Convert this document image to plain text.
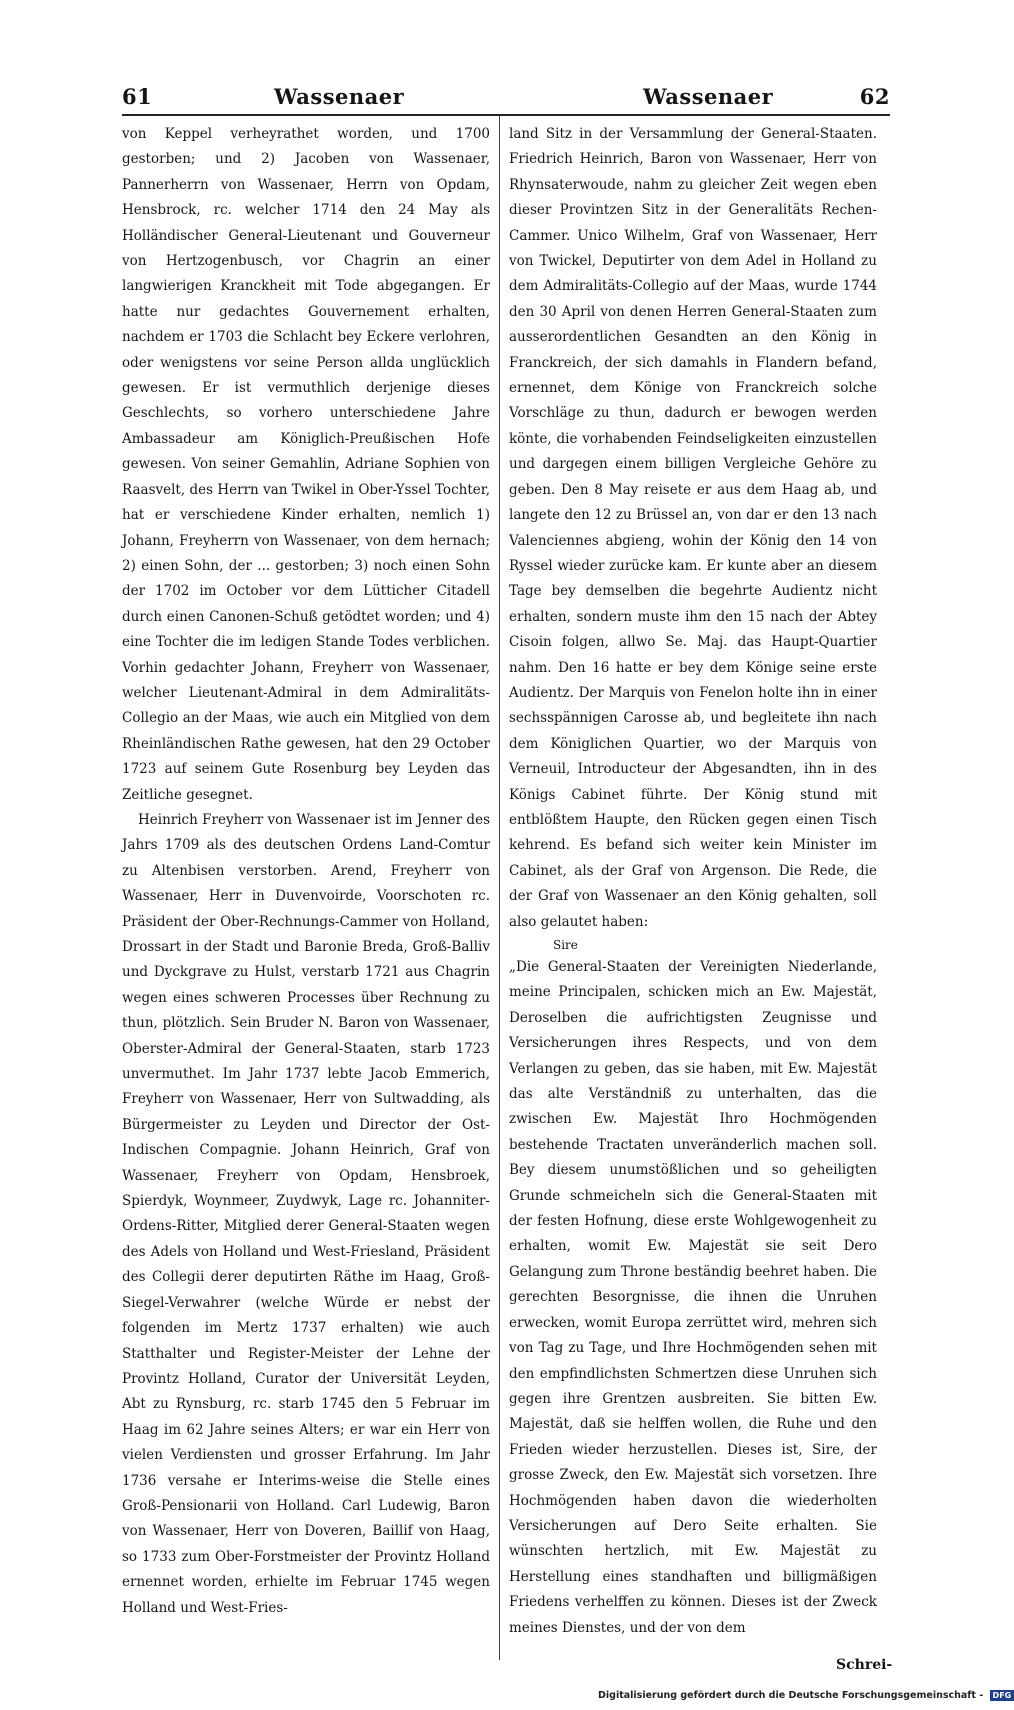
61	Wassenaer	Wassenaer	62

von Keppel verheyrathet worden, und 1700 gestorben; und 2) Jacoben von Wassenaer, Pannerherrn von Wassenaer, Herrn von Opdam, Hensbrock, rc. welcher 1714 den 24 May als Holländischer General-Lieutenant und Gouverneur von Hertzogenbusch, vor Chagrin an einer langwierigen Kranckheit mit Tode abgegangen. Er hatte nur gedachtes Gouvernement erhalten, nachdem er 1703 die Schlacht bey Eckere verlohren, oder wenigstens vor seine Person allda unglücklich gewesen. Er ist vermuthlich derjenige dieses Geschlechts, so vorhero unterschiedene Jahre Ambassadeur am Königlich-Preußischen Hofe gewesen. Von seiner Gemahlin, Adriane Sophien von Raasvelt, des Herrn van Twikel in Ober-Yssel Tochter, hat er verschiedene Kinder erhalten, nemlich 1) Johann, Freyherrn von Wassenaer, von dem hernach; 2) einen Sohn, der ... gestorben; 3) noch einen Sohn der 1702 im October vor dem Lütticher Citadell durch einen Canonen-Schuß getödtet worden; und 4) eine Tochter die im ledigen Stande Todes verblichen. Vorhin gedachter Johann, Freyherr von Wassenaer, welcher Lieutenant-Admiral in dem Admiralitäts-Collegio an der Maas, wie auch ein Mitglied von dem Rheinländischen Rathe gewesen, hat den 29 October 1723 auf seinem Gute Rosenburg bey Leyden das Zeitliche gesegnet.

Heinrich Freyherr von Wassenaer ist im Jenner des Jahrs 1709 als des deutschen Ordens Land-Comtur zu Altenbisen verstorben. Arend, Freyherr von Wassenaer, Herr in Duvenvoirde, Voorschoten rc. Präsident der Ober-Rechnungs-Cammer von Holland, Drossart in der Stadt und Baronie Breda, Groß-Balliv und Dyckgrave zu Hulst, verstarb 1721 aus Chagrin wegen eines schweren Processes über Rechnung zu thun, plötzlich. Sein Bruder N. Baron von Wassenaer, Oberster-Admiral der General-Staaten, starb 1723 unvermuthet. Im Jahr 1737 lebte Jacob Emmerich, Freyherr von Wassenaer, Herr von Sultwadding, als Bürgermeister zu Leyden und Director der Ost-Indischen Compagnie. Johann Heinrich, Graf von Wassenaer, Freyherr von Opdam, Hensbroek, Spierdyk, Woynmeer, Zuydwyk, Lage rc. Johanniter-Ordens-Ritter, Mitglied derer General-Staaten wegen des Adels von Holland und West-Friesland, Präsident des Collegii derer deputirten Räthe im Haag, Groß-Siegel-Verwahrer (welche Würde er nebst der folgenden im Mertz 1737 erhalten) wie auch Statthalter und Register-Meister der Lehne der Provintz Holland, Curator der Universität Leyden, Abt zu Rynsburg, rc. starb 1745 den 5 Februar im Haag im 62 Jahre seines Alters; er war ein Herr von vielen Verdiensten und grosser Erfahrung. Im Jahr 1736 versahe er Interims-weise die Stelle eines Groß-Pensionarii von Holland. Carl Ludewig, Baron von Wassenaer, Herr von Doveren, Baillif von Haag, so 1733 zum Ober-Forstmeister der Provintz Holland ernennet worden, erhielte im Februar 1745 wegen Holland und West-Fries-

land Sitz in der Versammlung der General-Staaten. Friedrich Heinrich, Baron von Wassenaer, Herr von Rhynsaterwoude, nahm zu gleicher Zeit wegen eben dieser Provintzen Sitz in der Generalitäts Rechen-Cammer. Unico Wilhelm, Graf von Wassenaer, Herr von Twickel, Deputirter von dem Adel in Holland zu dem Admiralitäts-Collegio auf der Maas, wurde 1744 den 30 April von denen Herren General-Staaten zum ausserordentlichen Gesandten an den König in Franckreich, der sich damahls in Flandern befand, ernennet, dem Könige von Franckreich solche Vorschläge zu thun, dadurch er bewogen werden könte, die vorhabenden Feindseligkeiten einzustellen und dargegen einem billigen Vergleiche Gehöre zu geben. Den 8 May reisete er aus dem Haag ab, und langete den 12 zu Brüssel an, von dar er den 13 nach Valenciennes abgieng, wohin der König den 14 von Ryssel wieder zurücke kam. Er kunte aber an diesem Tage bey demselben die begehrte Audientz nicht erhalten, sondern muste ihm den 15 nach der Abtey Cisoin folgen, allwo Se. Maj. das Haupt-Quartier nahm. Den 16 hatte er bey dem Könige seine erste Audientz. Der Marquis von Fenelon holte ihn in einer sechsspännigen Carosse ab, und begleitete ihn nach dem Königlichen Quartier, wo der Marquis von Verneuil, Introducteur der Abgesandten, ihn in des Königs Cabinet führte. Der König stund mit entblößtem Haupte, den Rücken gegen einen Tisch kehrend. Es befand sich weiter kein Minister im Cabinet, als der Graf von Argenson. Die Rede, die der Graf von Wassenaer an den König gehalten, soll also gelautet haben:

Sire

„Die General-Staaten der Vereinigten Niederlande, meine Principalen, schicken mich an Ew. Majestät, Deroselben die aufrichtigsten Zeugnisse und Versicherungen ihres Respects, und von dem Verlangen zu geben, das sie haben, mit Ew. Majestät das alte Verständniß zu unterhalten, das die zwischen Ew. Majestät Ihro Hochmögenden bestehende Tractaten unveränderlich machen soll. Bey diesem unumstößlichen und so geheiligten Grunde schmeicheln sich die General-Staaten mit der festen Hofnung, diese erste Wohlgewogenheit zu erhalten, womit Ew. Majestät sie seit Dero Gelangung zum Throne beständig beehret haben. Die gerechten Besorgnisse, die ihnen die Unruhen erwecken, womit Europa zerrüttet wird, mehren sich von Tag zu Tage, und Ihre Hochmögenden sehen mit den empfindlichsten Schmertzen diese Unruhen sich gegen ihre Grentzen ausbreiten. Sie bitten Ew. Majestät, daß sie helffen wollen, die Ruhe und den Frieden wieder herzustellen. Dieses ist, Sire, der grosse Zweck, den Ew. Majestät sich vorsetzen. Ihre Hochmögenden haben davon die wiederholten Versicherungen auf Dero Seite erhalten. Sie wünschten hertzlich, mit Ew. Majestät zu Herstellung eines standhaften und billigmäßigen Friedens verhelffen zu können. Dieses ist der Zweck meines Dienstes, und der von dem

Schrei-
Digitalisierung gefördert durch die Deutsche Forschungsgemeinschaft - DFG
